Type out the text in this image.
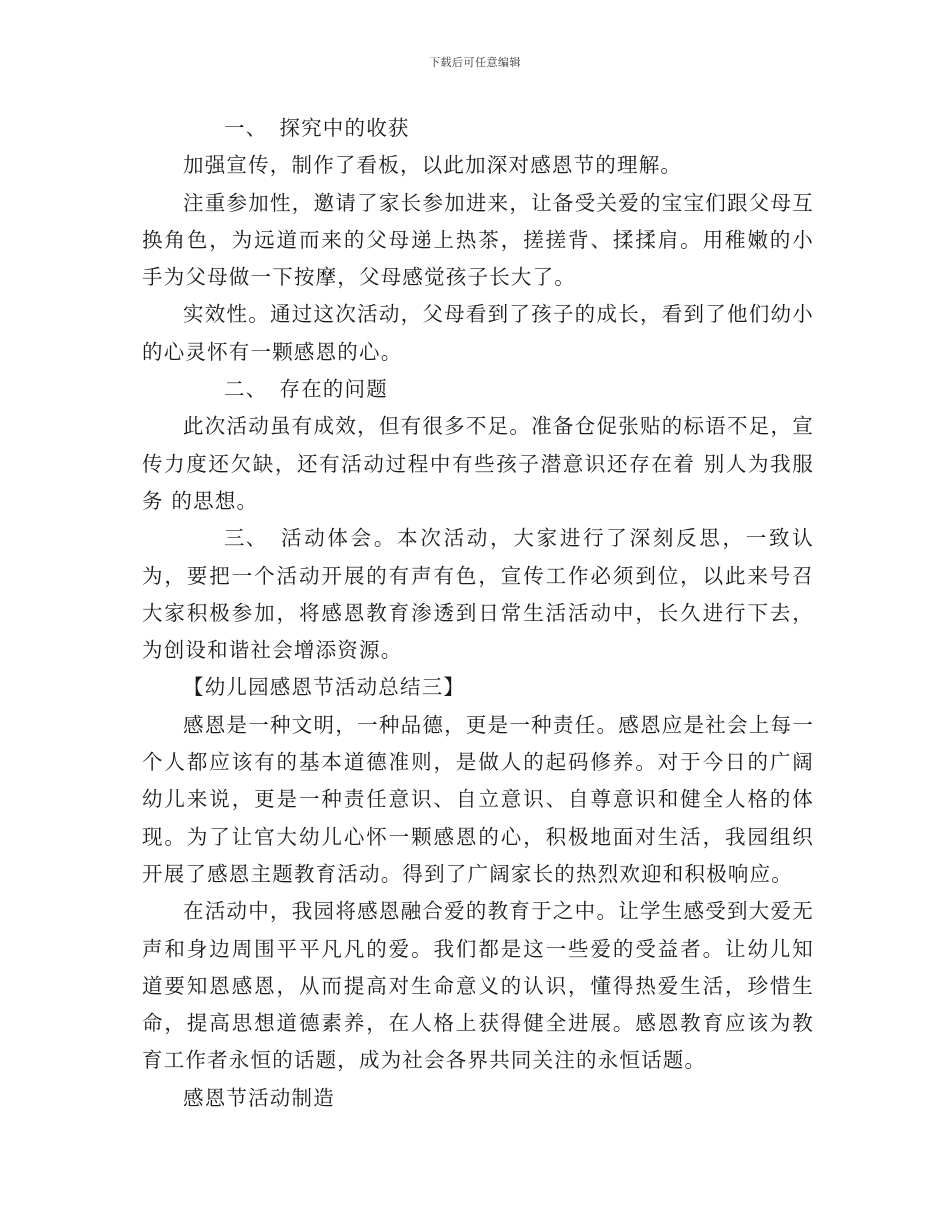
下载后可任意编辑

一、 探究中的收获

加强宣传，制作了看板，以此加深对感恩节的理解。

注重参加性，邀请了家长参加进来，让备受关爱的宝宝们跟父母互换角色，为远道而来的父母递上热茶，搓搓背、揉揉肩。用稚嫩的小手为父母做一下按摩，父母感觉孩子长大了。

实效性。通过这次活动，父母看到了孩子的成长，看到了他们幼小的心灵怀有一颗感恩的心。

二、 存在的问题

此次活动虽有成效，但有很多不足。准备仓促张贴的标语不足，宣传力度还欠缺，还有活动过程中有些孩子潜意识还存在着 别人为我服务 的思想。

三、 活动体会。本次活动，大家进行了深刻反思，一致认为，要把一个活动开展的有声有色，宣传工作必须到位，以此来号召大家积极参加，将感恩教育渗透到日常生活活动中，长久进行下去，为创设和谐社会增添资源。

【幼儿园感恩节活动总结三】

感恩是一种文明，一种品德，更是一种责任。感恩应是社会上每一个人都应该有的基本道德准则，是做人的起码修养。对于今日的广阔幼儿来说，更是一种责任意识、自立意识、自尊意识和健全人格的体现。为了让官大幼儿心怀一颗感恩的心，积极地面对生活，我园组织开展了感恩主题教育活动。得到了广阔家长的热烈欢迎和积极响应。

在活动中，我园将感恩融合爱的教育于之中。让学生感受到大爱无声和身边周围平平凡凡的爱。我们都是这一些爱的受益者。让幼儿知道要知恩感恩，从而提高对生命意义的认识，懂得热爱生活，珍惜生命，提高思想道德素养，在人格上获得健全进展。感恩教育应该为教育工作者永恒的话题，成为社会各界共同关注的永恒话题。

感恩节活动制造
